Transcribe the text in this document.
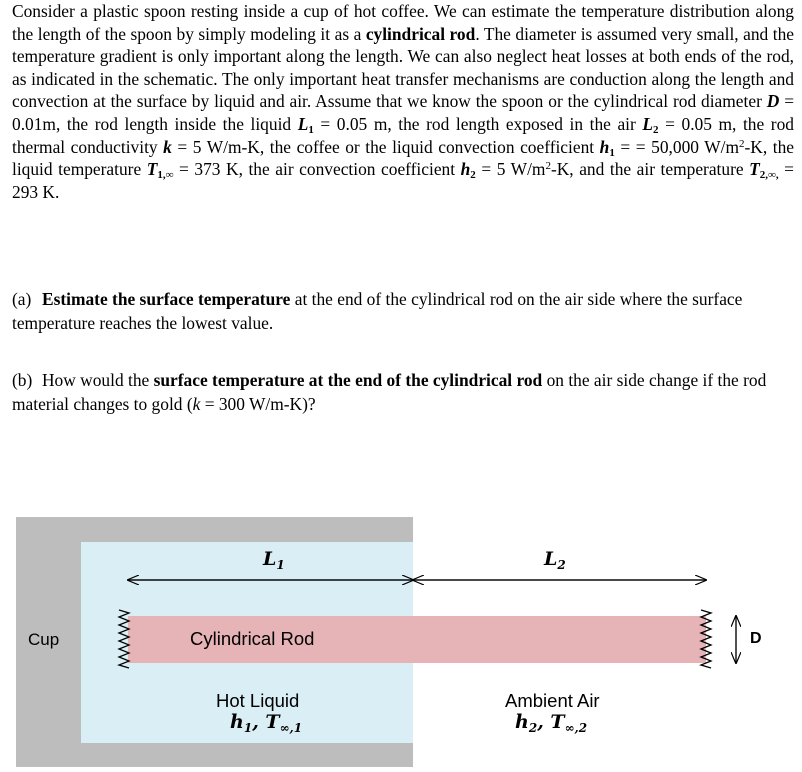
Consider a plastic spoon resting inside a cup of hot coffee. We can estimate the temperature distribution along the length of the spoon by simply modeling it as a cylindrical rod. The diameter is assumed very small, and the temperature gradient is only important along the length. We can also neglect heat losses at both ends of the rod, as indicated in the schematic. The only important heat transfer mechanisms are conduction along the length and convection at the surface by liquid and air. Assume that we know the spoon or the cylindrical rod diameter D = 0.01m, the rod length inside the liquid $L_1 = 0.05$ m, the rod length exposed in the air $L_2 = 0.05$ m, the rod thermal conductivity k = 5 W/m-K, the coffee or the liquid convection coefficient $h_1$ = = 50,000 $W/m^2-K$, the liquid temperature $T_{1,\infty} = 373$ K, the air convection coefficient $h_2 = 5$ $W/m^2-K$, and the air temperature $T_{2,\infty,} = 293$ K.

(a) Estimate the surface temperature at the end of the cylindrical rod on the air side where the surface temperature reaches the lowest value.
(b) How would the surface temperature at the end of the cylindrical rod on the air side change if the rod material changes to gold (k = 300 W/m-K)?
Cup	Cylindrical Rod
$L_1$	$L_2$
D
Hot Liquid
$h_1$, $T_{\infty,1}$
Ambient Air
$h_2$, $T_{\infty,2}$
